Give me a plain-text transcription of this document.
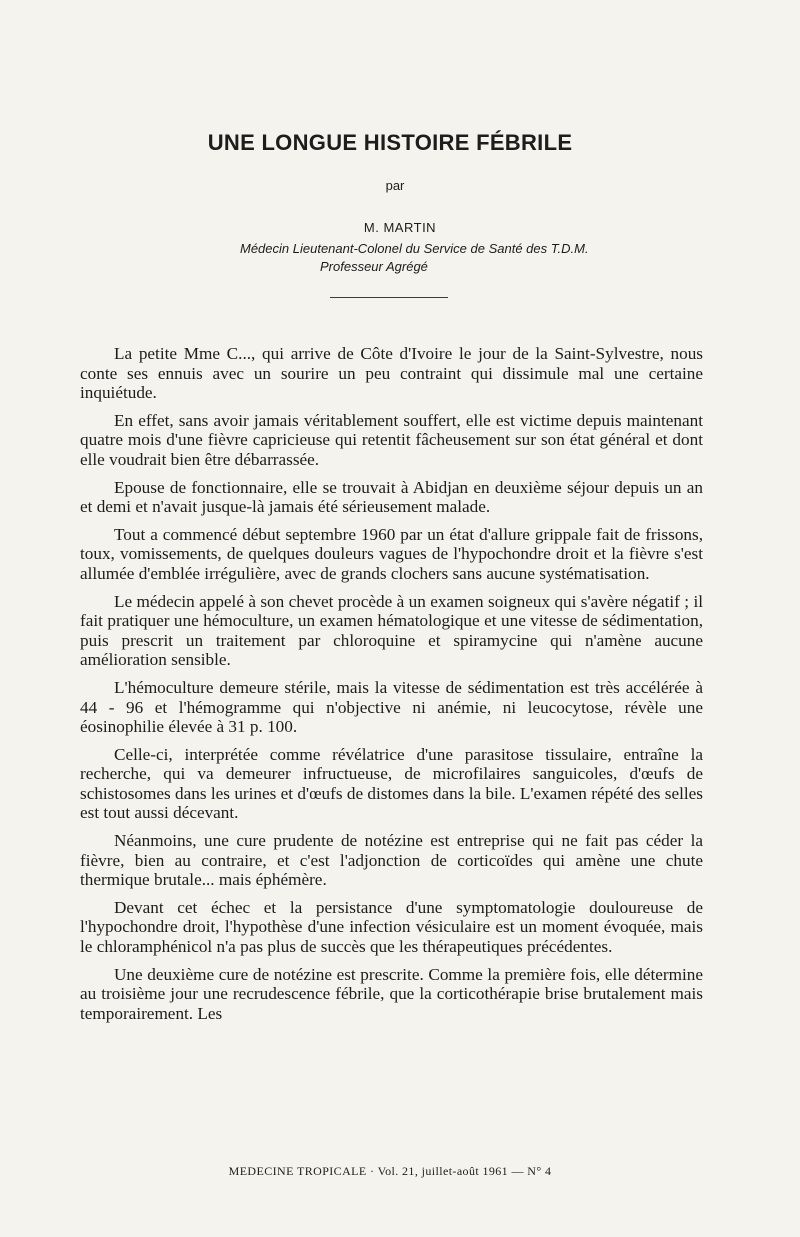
UNE LONGUE HISTOIRE FÉBRILE
par
M. MARTIN
Médecin Lieutenant-Colonel du Service de Santé des T.D.M.
Professeur Agrégé

La petite Mme C..., qui arrive de Côte d'Ivoire le jour de la Saint-Sylvestre, nous conte ses ennuis avec un sourire un peu contraint qui dissimule mal une certaine inquiétude.

En effet, sans avoir jamais véritablement souffert, elle est victime depuis maintenant quatre mois d'une fièvre capricieuse qui retentit fâcheusement sur son état général et dont elle voudrait bien être débarrassée.

Epouse de fonctionnaire, elle se trouvait à Abidjan en deuxième séjour depuis un an et demi et n'avait jusque-là jamais été sérieusement malade.

Tout a commencé début septembre 1960 par un état d'allure grippale fait de frissons, toux, vomissements, de quelques douleurs vagues de l'hypochondre droit et la fièvre s'est allumée d'emblée irrégulière, avec de grands clochers sans aucune systématisation.

Le médecin appelé à son chevet procède à un examen soigneux qui s'avère négatif ; il fait pratiquer une hémoculture, un examen hématologique et une vitesse de sédimentation, puis prescrit un traitement par chloroquine et spiramycine qui n'amène aucune amélioration sensible.

L'hémoculture demeure stérile, mais la vitesse de sédimentation est très accélérée à 44 - 96 et l'hémogramme qui n'objective ni anémie, ni leucocytose, révèle une éosinophilie élevée à 31 p. 100.

Celle-ci, interprétée comme révélatrice d'une parasitose tissulaire, entraîne la recherche, qui va demeurer infructueuse, de microfilaires sanguicoles, d'œufs de schistosomes dans les urines et d'œufs de distomes dans la bile. L'examen répété des selles est tout aussi décevant.

Néanmoins, une cure prudente de notézine est entreprise qui ne fait pas céder la fièvre, bien au contraire, et c'est l'adjonction de corticoïdes qui amène une chute thermique brutale... mais éphémère.

Devant cet échec et la persistance d'une symptomatologie douloureuse de l'hypochondre droit, l'hypothèse d'une infection vésiculaire est un moment évoquée, mais le chloramphénicol n'a pas plus de succès que les thérapeutiques précédentes.

Une deuxième cure de notézine est prescrite. Comme la première fois, elle détermine au troisième jour une recrudescence fébrile, que la corticothérapie brise brutalement mais temporairement. Les

MEDECINE TROPICALE · Vol. 21, juillet-août 1961 — N° 4
